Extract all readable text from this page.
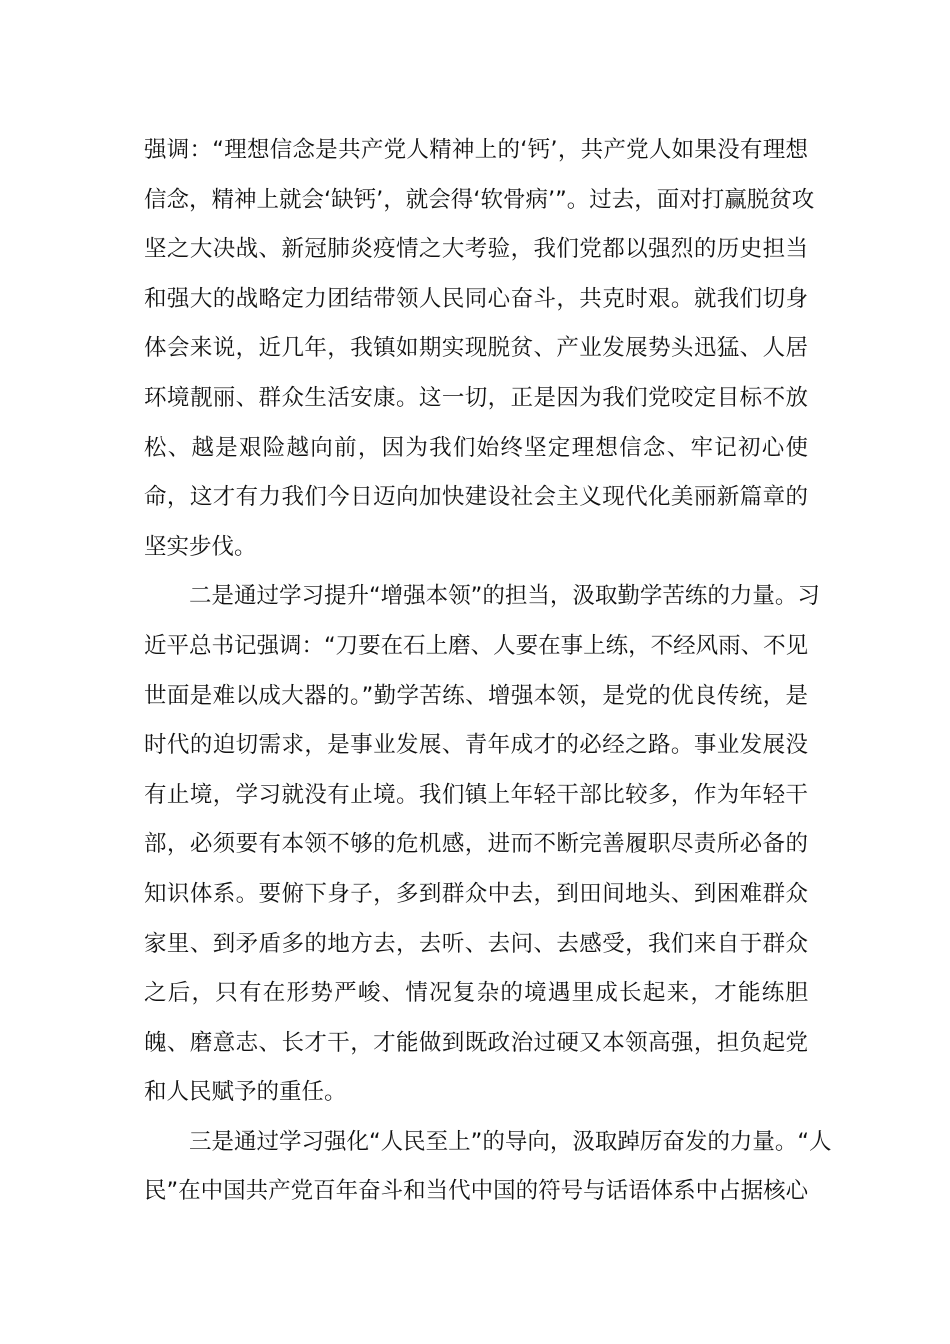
强调：“理想信念是共产党人精神上的‘钙’，共产党人如果没有理想
信念，精神上就会‘缺钙’，就会得‘软骨病’”。过去，面对打赢脱贫攻
坚之大决战、新冠肺炎疫情之大考验，我们党都以强烈的历史担当
和强大的战略定力团结带领人民同心奋斗，共克时艰。就我们切身
体会来说，近几年，我镇如期实现脱贫、产业发展势头迅猛、人居
环境靓丽、群众生活安康。这一切，正是因为我们党咬定目标不放
松、越是艰险越向前，因为我们始终坚定理想信念、牢记初心使
命，这才有力我们今日迈向加快建设社会主义现代化美丽新篇章的
坚实步伐。
　　二是通过学习提升“增强本领”的担当，汲取勤学苦练的力量。习
近平总书记强调：“刀要在石上磨、人要在事上练，不经风雨、不见
世面是难以成大器的。”勤学苦练、增强本领，是党的优良传统，是
时代的迫切需求，是事业发展、青年成才的必经之路。事业发展没
有止境，学习就没有止境。我们镇上年轻干部比较多，作为年轻干
部，必须要有本领不够的危机感，进而不断完善履职尽责所必备的
知识体系。要俯下身子，多到群众中去，到田间地头、到困难群众
家里、到矛盾多的地方去，去听、去问、去感受，我们来自于群众
之后，只有在形势严峻、情况复杂的境遇里成长起来，才能练胆
魄、磨意志、长才干，才能做到既政治过硬又本领高强，担负起党
和人民赋予的重任。
　　三是通过学习强化“人民至上”的导向，汲取踔厉奋发的力量。“人
民”在中国共产党百年奋斗和当代中国的符号与话语体系中占据核心
